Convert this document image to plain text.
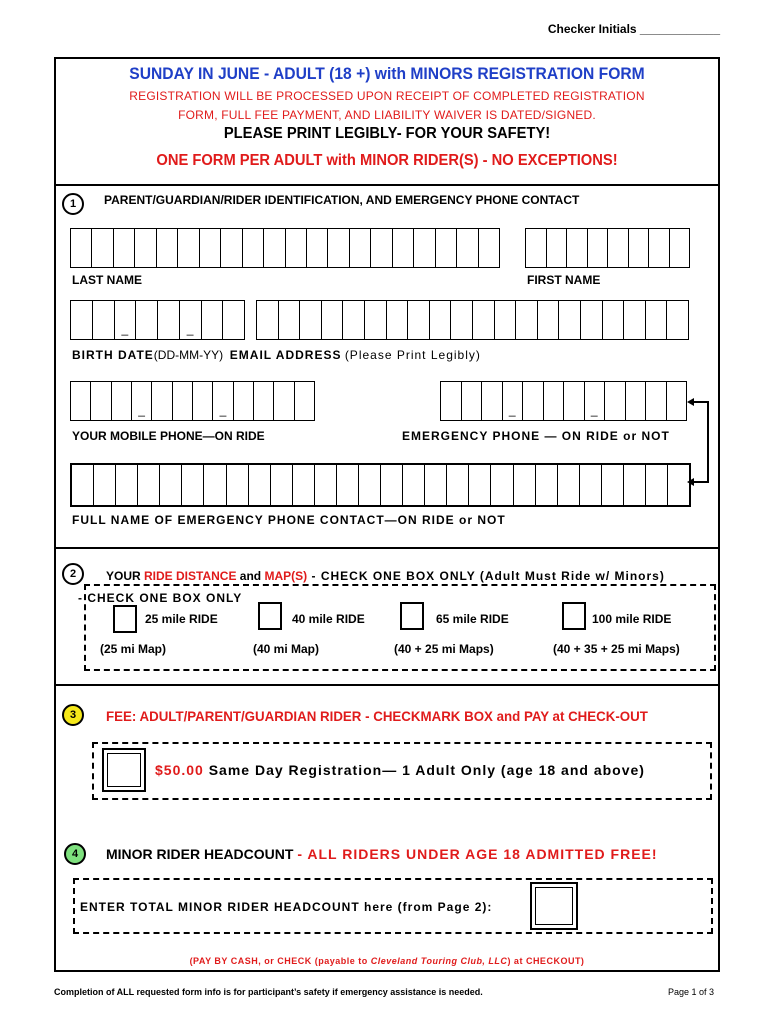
Checker Initials ____________
SUNDAY IN JUNE - ADULT (18 +) with MINORS REGISTRATION FORM
REGISTRATION WILL BE PROCESSED UPON RECEIPT OF COMPLETED REGISTRATION
FORM, FULL FEE PAYMENT, AND LIABILITY WAIVER IS DATED/SIGNED.
PLEASE PRINT LEGIBLY- FOR YOUR SAFETY!
ONE FORM PER ADULT with MINOR RIDER(S) - NO EXCEPTIONS!
1	PARENT/GUARDIAN/RIDER IDENTIFICATION, AND EMERGENCY PHONE CONTACT
LAST NAME	FIRST NAME
_	_
BIRTH DATE(DD-MM-YY) EMAIL ADDRESS (Please Print Legibly)
_	_	_	_
YOUR MOBILE PHONE—ON RIDE	EMERGENCY PHONE — ON RIDE or NOT
FULL NAME OF EMERGENCY PHONE CONTACT—ON RIDE or NOT
2	YOUR RIDE DISTANCE and MAP(S) - CHECK ONE BOX ONLY (Adult Must Ride w/ Minors)
- CHECK ONE BOX ONLY
25 mile RIDE	40 mile RIDE	65 mile RIDE	100 mile RIDE
(25 mi Map)	(40 mi Map)	(40 + 25 mi Maps)	(40 + 35 + 25 mi Maps)
3	FEE: ADULT/PARENT/GUARDIAN RIDER - CHECKMARK BOX and PAY at CHECK-OUT
$50.00 Same Day Registration— 1 Adult Only (age 18 and above)
4	MINOR RIDER HEADCOUNT - ALL RIDERS UNDER AGE 18 ADMITTED FREE!
ENTER TOTAL MINOR RIDER HEADCOUNT here (from Page 2):
(PAY BY CASH, or CHECK (payable to Cleveland Touring Club, LLC) at CHECKOUT)
Completion of ALL requested form info is for participant’s safety if emergency assistance is needed.	Page 1 of 3
